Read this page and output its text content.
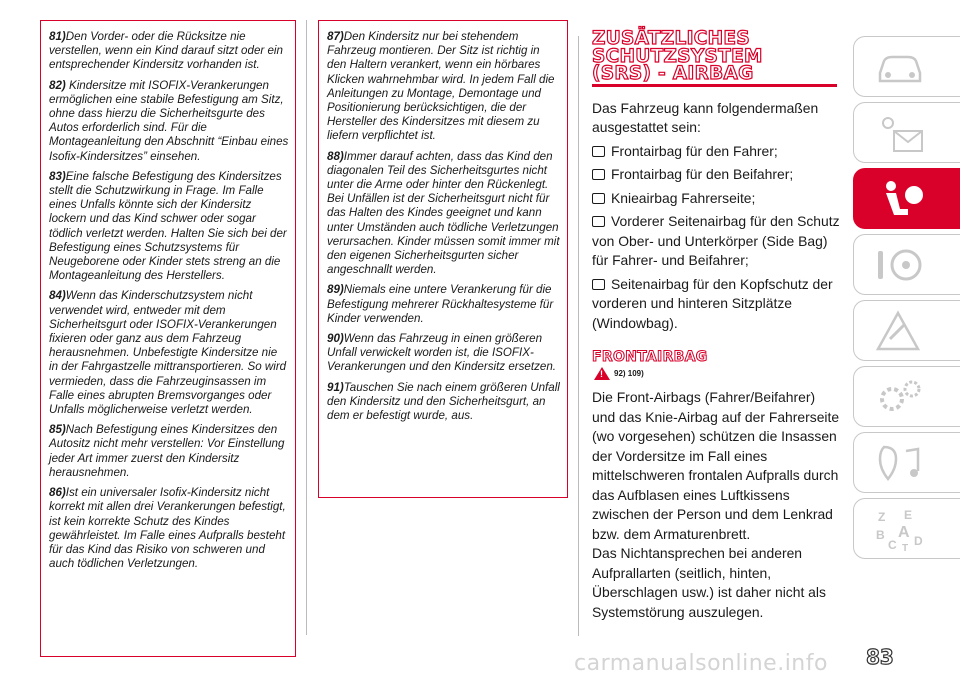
81)Den Vorder- oder die Rücksitze nie verstellen, wenn ein Kind darauf sitzt oder ein entsprechender Kindersitz vorhanden ist.

82) Kindersitze mit ISOFIX-Verankerungen ermöglichen eine stabile Befestigung am Sitz, ohne dass hierzu die Sicherheitsgurte des Autos erforderlich sind. Für die Montageanleitung den Abschnitt “Einbau eines Isofix-Kindersitzes” einsehen.

83)Eine falsche Befestigung des Kindersitzes stellt die Schutzwirkung in Frage. Im Falle eines Unfalls könnte sich der Kindersitz lockern und das Kind schwer oder sogar tödlich verletzt werden. Halten Sie sich bei der Befestigung eines Schutzsystems für Neugeborene oder Kinder stets streng an die Montageanleitung des Herstellers.

84)Wenn das Kinderschutzsystem nicht verwendet wird, entweder mit dem Sicherheitsgurt oder ISOFIX-Verankerungen fixieren oder ganz aus dem Fahrzeug herausnehmen. Unbefestigte Kindersitze nie in der Fahrgastzelle mittransportieren. So wird vermieden, dass die Fahrzeuginsassen im Falle eines abrupten Bremsvorganges oder Unfalls möglicherweise verletzt werden.

85)Nach Befestigung eines Kindersitzes den Autositz nicht mehr verstellen: Vor Einstellung jeder Art immer zuerst den Kindersitz herausnehmen.

86)Ist ein universaler Isofix-Kindersitz nicht korrekt mit allen drei Verankerungen befestigt, ist kein korrekte Schutz des Kindes gewährleistet. Im Falle eines Aufpralls besteht für das Kind das Risiko von schweren und auch tödlichen Verletzungen.

87)Den Kindersitz nur bei stehendem Fahrzeug montieren. Der Sitz ist richtig in den Haltern verankert, wenn ein hörbares Klicken wahrnehmbar wird. In jedem Fall die Anleitungen zu Montage, Demontage und Positionierung berücksichtigen, die der Hersteller des Kindersitzes mit diesem zu liefern verpflichtet ist.

88)Immer darauf achten, dass das Kind den diagonalen Teil des Sicherheitsgurtes nicht unter die Arme oder hinter den Rückenlegt. Bei Unfällen ist der Sicherheitsgurt nicht für das Halten des Kindes geeignet und kann unter Umständen auch tödliche Verletzungen verursachen. Kinder müssen somit immer mit den eigenen Sicherheitsgurten sicher angeschnallt werden.

89)Niemals eine untere Verankerung für die Befestigung mehrerer Rückhaltesysteme für Kinder verwenden.

90)Wenn das Fahrzeug in einen größeren Unfall verwickelt worden ist, die ISOFIX-Verankerungen und den Kindersitz ersetzen.

91)Tauschen Sie nach einem größeren Unfall den Kindersitz und den Sicherheitsgurt, an dem er befestigt wurde, aus.

ZUSÄTZLICHES
SCHUTZSYSTEM
(SRS) - AIRBAG

Das Fahrzeug kann folgendermaßen ausgestattet sein:

Frontairbag für den Fahrer;
Frontairbag für den Beifahrer;
Knieairbag Fahrerseite;
Vorderer Seitenairbag für den Schutz von Ober- und Unterkörper (Side Bag) für Fahrer- und Beifahrer;
Seitenairbag für den Kopfschutz der vorderen und hinteren Sitzplätze (Windowbag).
FRONTAIRBAG
! 92) 109)

Die Front-Airbags (Fahrer/Beifahrer) und das Knie-Airbag auf der Fahrerseite (wo vorgesehen) schützen die Insassen der Vordersitze im Fall eines mittelschweren frontalen Aufpralls durch das Aufblasen eines Luftkissens zwischen der Person und dem Lenkrad bzw. dem Armaturenbrett.

Das Nichtansprechen bei anderen Aufprallarten (seitlich, hinten, Überschlagen usw.) ist daher nicht als Systemstörung auszulegen.

Z E
B A
C D
T
83
carmanualsonline.info
